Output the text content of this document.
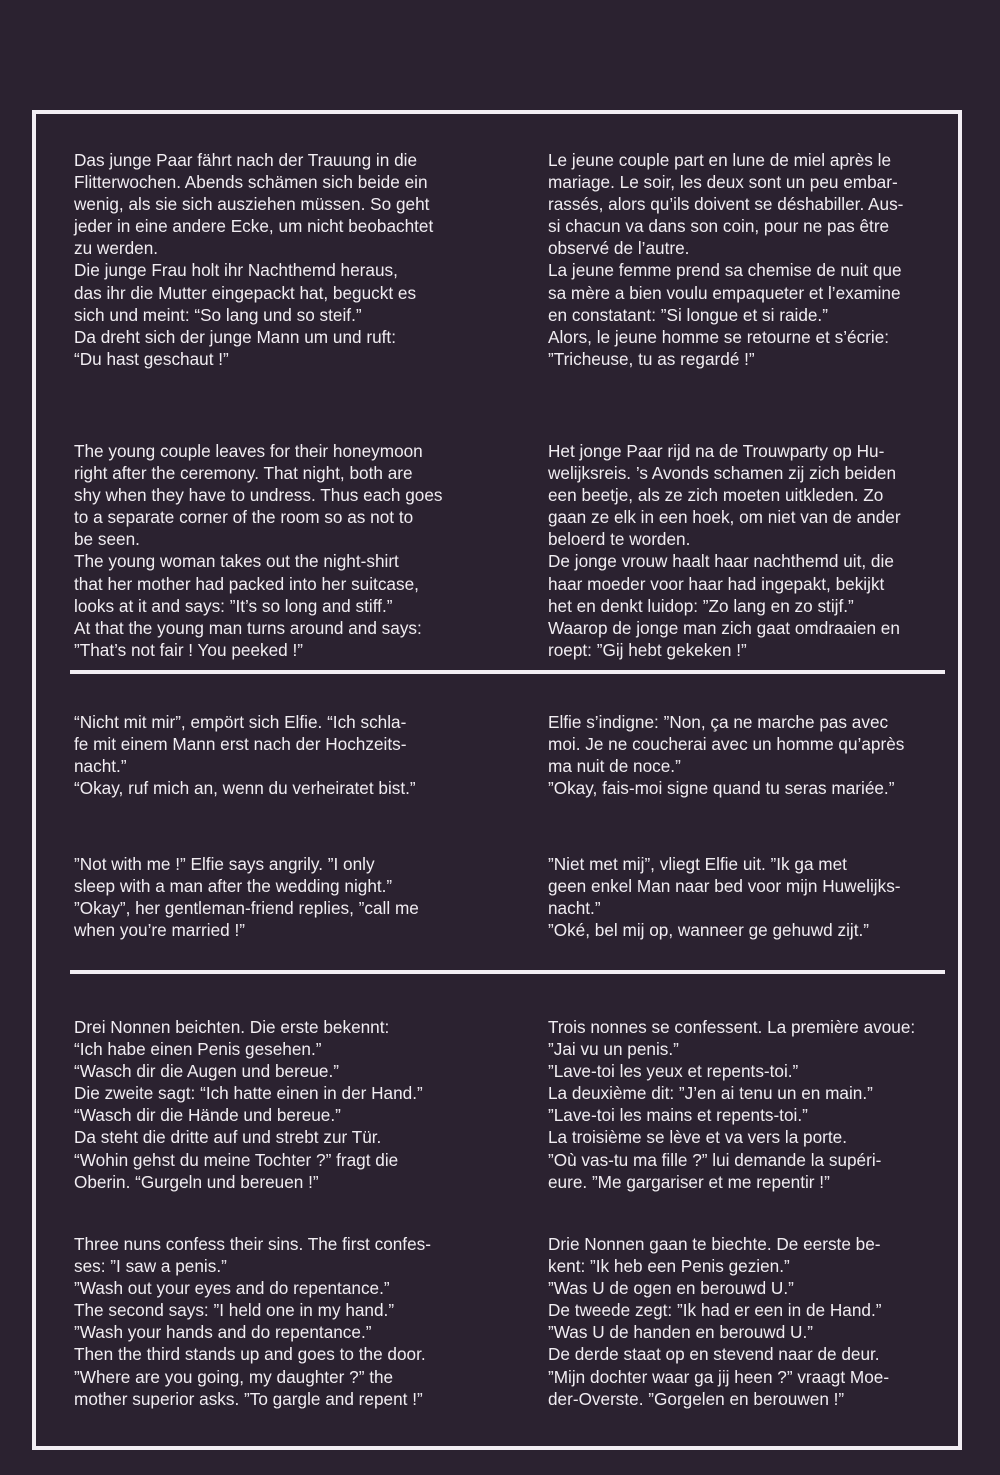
Das junge Paar fährt nach der Trauung in die
Flitterwochen. Abends schämen sich beide ein
wenig, als sie sich ausziehen müssen. So geht
jeder in eine andere Ecke, um nicht beobachtet
zu werden.
Die junge Frau holt ihr Nachthemd heraus,
das ihr die Mutter eingepackt hat, beguckt es
sich und meint: “So lang und so steif.”
Da dreht sich der junge Mann um und ruft:
“Du hast geschaut !”

Le jeune couple part en lune de miel après le
mariage. Le soir, les deux sont un peu embar-
rassés, alors qu’ils doivent se déshabiller. Aus-
si chacun va dans son coin, pour ne pas être
observé de l’autre.
La jeune femme prend sa chemise de nuit que
sa mère a bien voulu empaqueter et l’examine
en constatant: ”Si longue et si raide.”
Alors, le jeune homme se retourne et s’écrie:
”Tricheuse, tu as regardé !”

The young couple leaves for their honeymoon
right after the ceremony. That night, both are
shy when they have to undress. Thus each goes
to a separate corner of the room so as not to
be seen.
The young woman takes out the night-shirt
that her mother had packed into her suitcase,
looks at it and says: ”It’s so long and stiff.”
At that the young man turns around and says:
”That’s not fair ! You peeked !”

Het jonge Paar rijd na de Trouwparty op Hu-
welijksreis. ’s Avonds schamen zij zich beiden
een beetje, als ze zich moeten uitkleden. Zo
gaan ze elk in een hoek, om niet van de ander
beloerd te worden.
De jonge vrouw haalt haar nachthemd uit, die
haar moeder voor haar had ingepakt, bekijkt
het en denkt luidop: ”Zo lang en zo stijf.”
Waarop de jonge man zich gaat omdraaien en
roept: ”Gij hebt gekeken !”

“Nicht mit mir”, empört sich Elfie. “Ich schla-
fe mit einem Mann erst nach der Hochzeits-
nacht.”
“Okay, ruf mich an, wenn du verheiratet bist.”

Elfie s’indigne: ”Non, ça ne marche pas avec
moi. Je ne coucherai avec un homme qu’après
ma nuit de noce.”
”Okay, fais-moi signe quand tu seras mariée.”

”Not with me !” Elfie says angrily. ”I only
sleep with a man after the wedding night.”
”Okay”, her gentleman-friend replies, ”call me
when you’re married !”

”Niet met mij”, vliegt Elfie uit. ”Ik ga met
geen enkel Man naar bed voor mijn Huwelijks-
nacht.”
”Oké, bel mij op, wanneer ge gehuwd zijt.”

Drei Nonnen beichten. Die erste bekennt:
“Ich habe einen Penis gesehen.”
“Wasch dir die Augen und bereue.”
Die zweite sagt: “Ich hatte einen in der Hand.”
“Wasch dir die Hände und bereue.”
Da steht die dritte auf und strebt zur Tür.
“Wohin gehst du meine Tochter ?” fragt die
Oberin. “Gurgeln und bereuen !”

Trois nonnes se confessent. La première avoue:
”Jai vu un penis.”
”Lave-toi les yeux et repents-toi.”
La deuxième dit: ”J’en ai tenu un en main.”
”Lave-toi les mains et repents-toi.”
La troisième se lève et va vers la porte.
”Où vas-tu ma fille ?” lui demande la supéri-
eure. ”Me gargariser et me repentir !”

Three nuns confess their sins. The first confes-
ses: ”I saw a penis.”
”Wash out your eyes and do repentance.”
The second says: ”I held one in my hand.”
”Wash your hands and do repentance.”
Then the third stands up and goes to the door.
”Where are you going, my daughter ?” the
mother superior asks. ”To gargle and repent !”

Drie Nonnen gaan te biechte. De eerste be-
kent: ”Ik heb een Penis gezien.”
”Was U de ogen en berouwd U.”
De tweede zegt: ”Ik had er een in de Hand.”
”Was U de handen en berouwd U.”
De derde staat op en stevend naar de deur.
”Mijn dochter waar ga jij heen ?” vraagt Moe-
der-Overste. ”Gorgelen en berouwen !”
